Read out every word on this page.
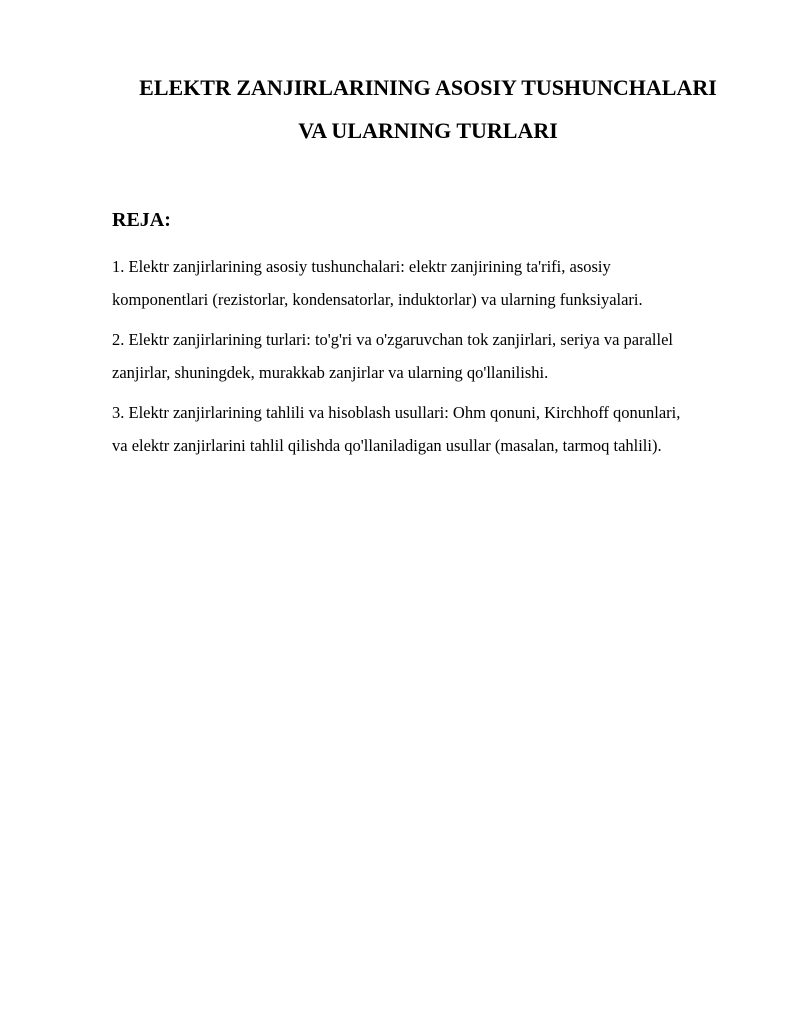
ELEKTR ZANJIRLARINING ASOSIY TUSHUNCHALARI
VA ULARNING TURLARI
REJA:

1. Elektr zanjirlarining asosiy tushunchalari: elektr zanjirining ta'rifi, asosiy
komponentlari (rezistorlar, kondensatorlar, induktorlar) va ularning funksiyalari.

2. Elektr zanjirlarining turlari: to'g'ri va o'zgaruvchan tok zanjirlari, seriya va parallel
zanjirlar, shuningdek, murakkab zanjirlar va ularning qo'llanilishi.

3. Elektr zanjirlarining tahlili va hisoblash usullari: Ohm qonuni, Kirchhoff qonunlari,
va elektr zanjirlarini tahlil qilishda qo'llaniladigan usullar (masalan, tarmoq tahlili).
